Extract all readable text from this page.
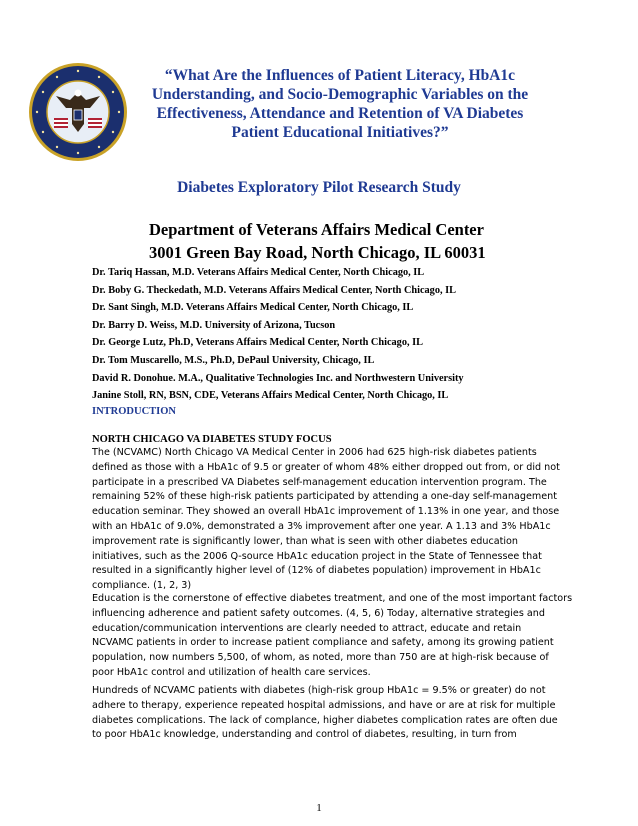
“What Are the Influences of Patient Literacy, HbA1c
Understanding, and Socio-Demographic Variables on the
Effectiveness, Attendance and Retention of VA Diabetes
Patient Educational Initiatives?”
Diabetes Exploratory Pilot Research Study
Department of Veterans Affairs Medical Center
3001 Green Bay Road, North Chicago, IL 60031
Dr. Tariq Hassan, M.D. Veterans Affairs Medical Center, North Chicago, IL
Dr. Boby G. Theckedath, M.D. Veterans Affairs Medical Center, North Chicago, IL
Dr. Sant Singh, M.D. Veterans Affairs Medical Center, North Chicago, IL
Dr. Barry D. Weiss, M.D. University of Arizona, Tucson
Dr. George Lutz, Ph.D, Veterans Affairs Medical Center, North Chicago, IL
Dr. Tom Muscarello, M.S., Ph.D, DePaul University, Chicago, IL
David R. Donohue. M.A., Qualitative Technologies Inc. and Northwestern University
Janine Stoll, RN, BSN, CDE, Veterans Affairs Medical Center, North Chicago, IL
INTRODUCTION
NORTH CHICAGO VA DIABETES STUDY FOCUS
The (NCVAMC) North Chicago VA Medical Center in 2006 had 625 high-risk diabetes patients
defined as those with a HbA1c of 9.5 or greater of whom 48% either dropped out from, or did not
participate in a prescribed VA Diabetes self-management education intervention program. The
remaining 52% of these high-risk patients participated by attending a one-day self-management
education seminar. They showed an overall HbA1c improvement of 1.13% in one year, and those
with an HbA1c of 9.0%, demonstrated a 3% improvement after one year. A 1.13 and 3% HbA1c
improvement rate is significantly lower, than what is seen with other diabetes education
initiatives, such as the 2006 Q-source HbA1c education project in the State of Tennessee that
resulted in a significantly higher level of (12% of diabetes population) improvement in HbA1c
compliance. (1, 2, 3)
Education is the cornerstone of effective diabetes treatment, and one of the most important factors
influencing adherence and patient safety outcomes. (4, 5, 6) Today, alternative strategies and
education/communication interventions are clearly needed to attract, educate and retain
NCVAMC patients in order to increase patient compliance and safety, among its growing patient
population, now numbers 5,500, of whom, as noted, more than 750 are at high-risk because of
poor HbA1c control and utilization of health care services.
Hundreds of NCVAMC patients with diabetes (high-risk group HbA1c = 9.5% or greater) do not
adhere to therapy, experience repeated hospital admissions, and have or are at risk for multiple
diabetes complications. The lack of complance, higher diabetes complication rates are often due
to poor HbA1c knowledge, understanding and control of diabetes, resulting, in turn from
1
